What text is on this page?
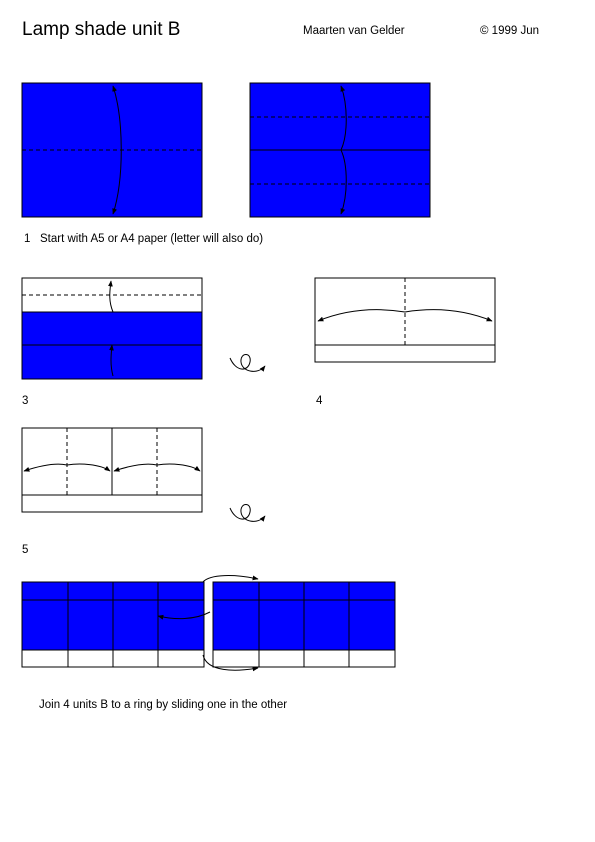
Lamp shade unit B	Maarten van Gelder	© 1999 Jun
1 Start with A5 or A4 paper (letter will also do)
3	4
5
Join 4 units B to a ring by sliding one in the other
